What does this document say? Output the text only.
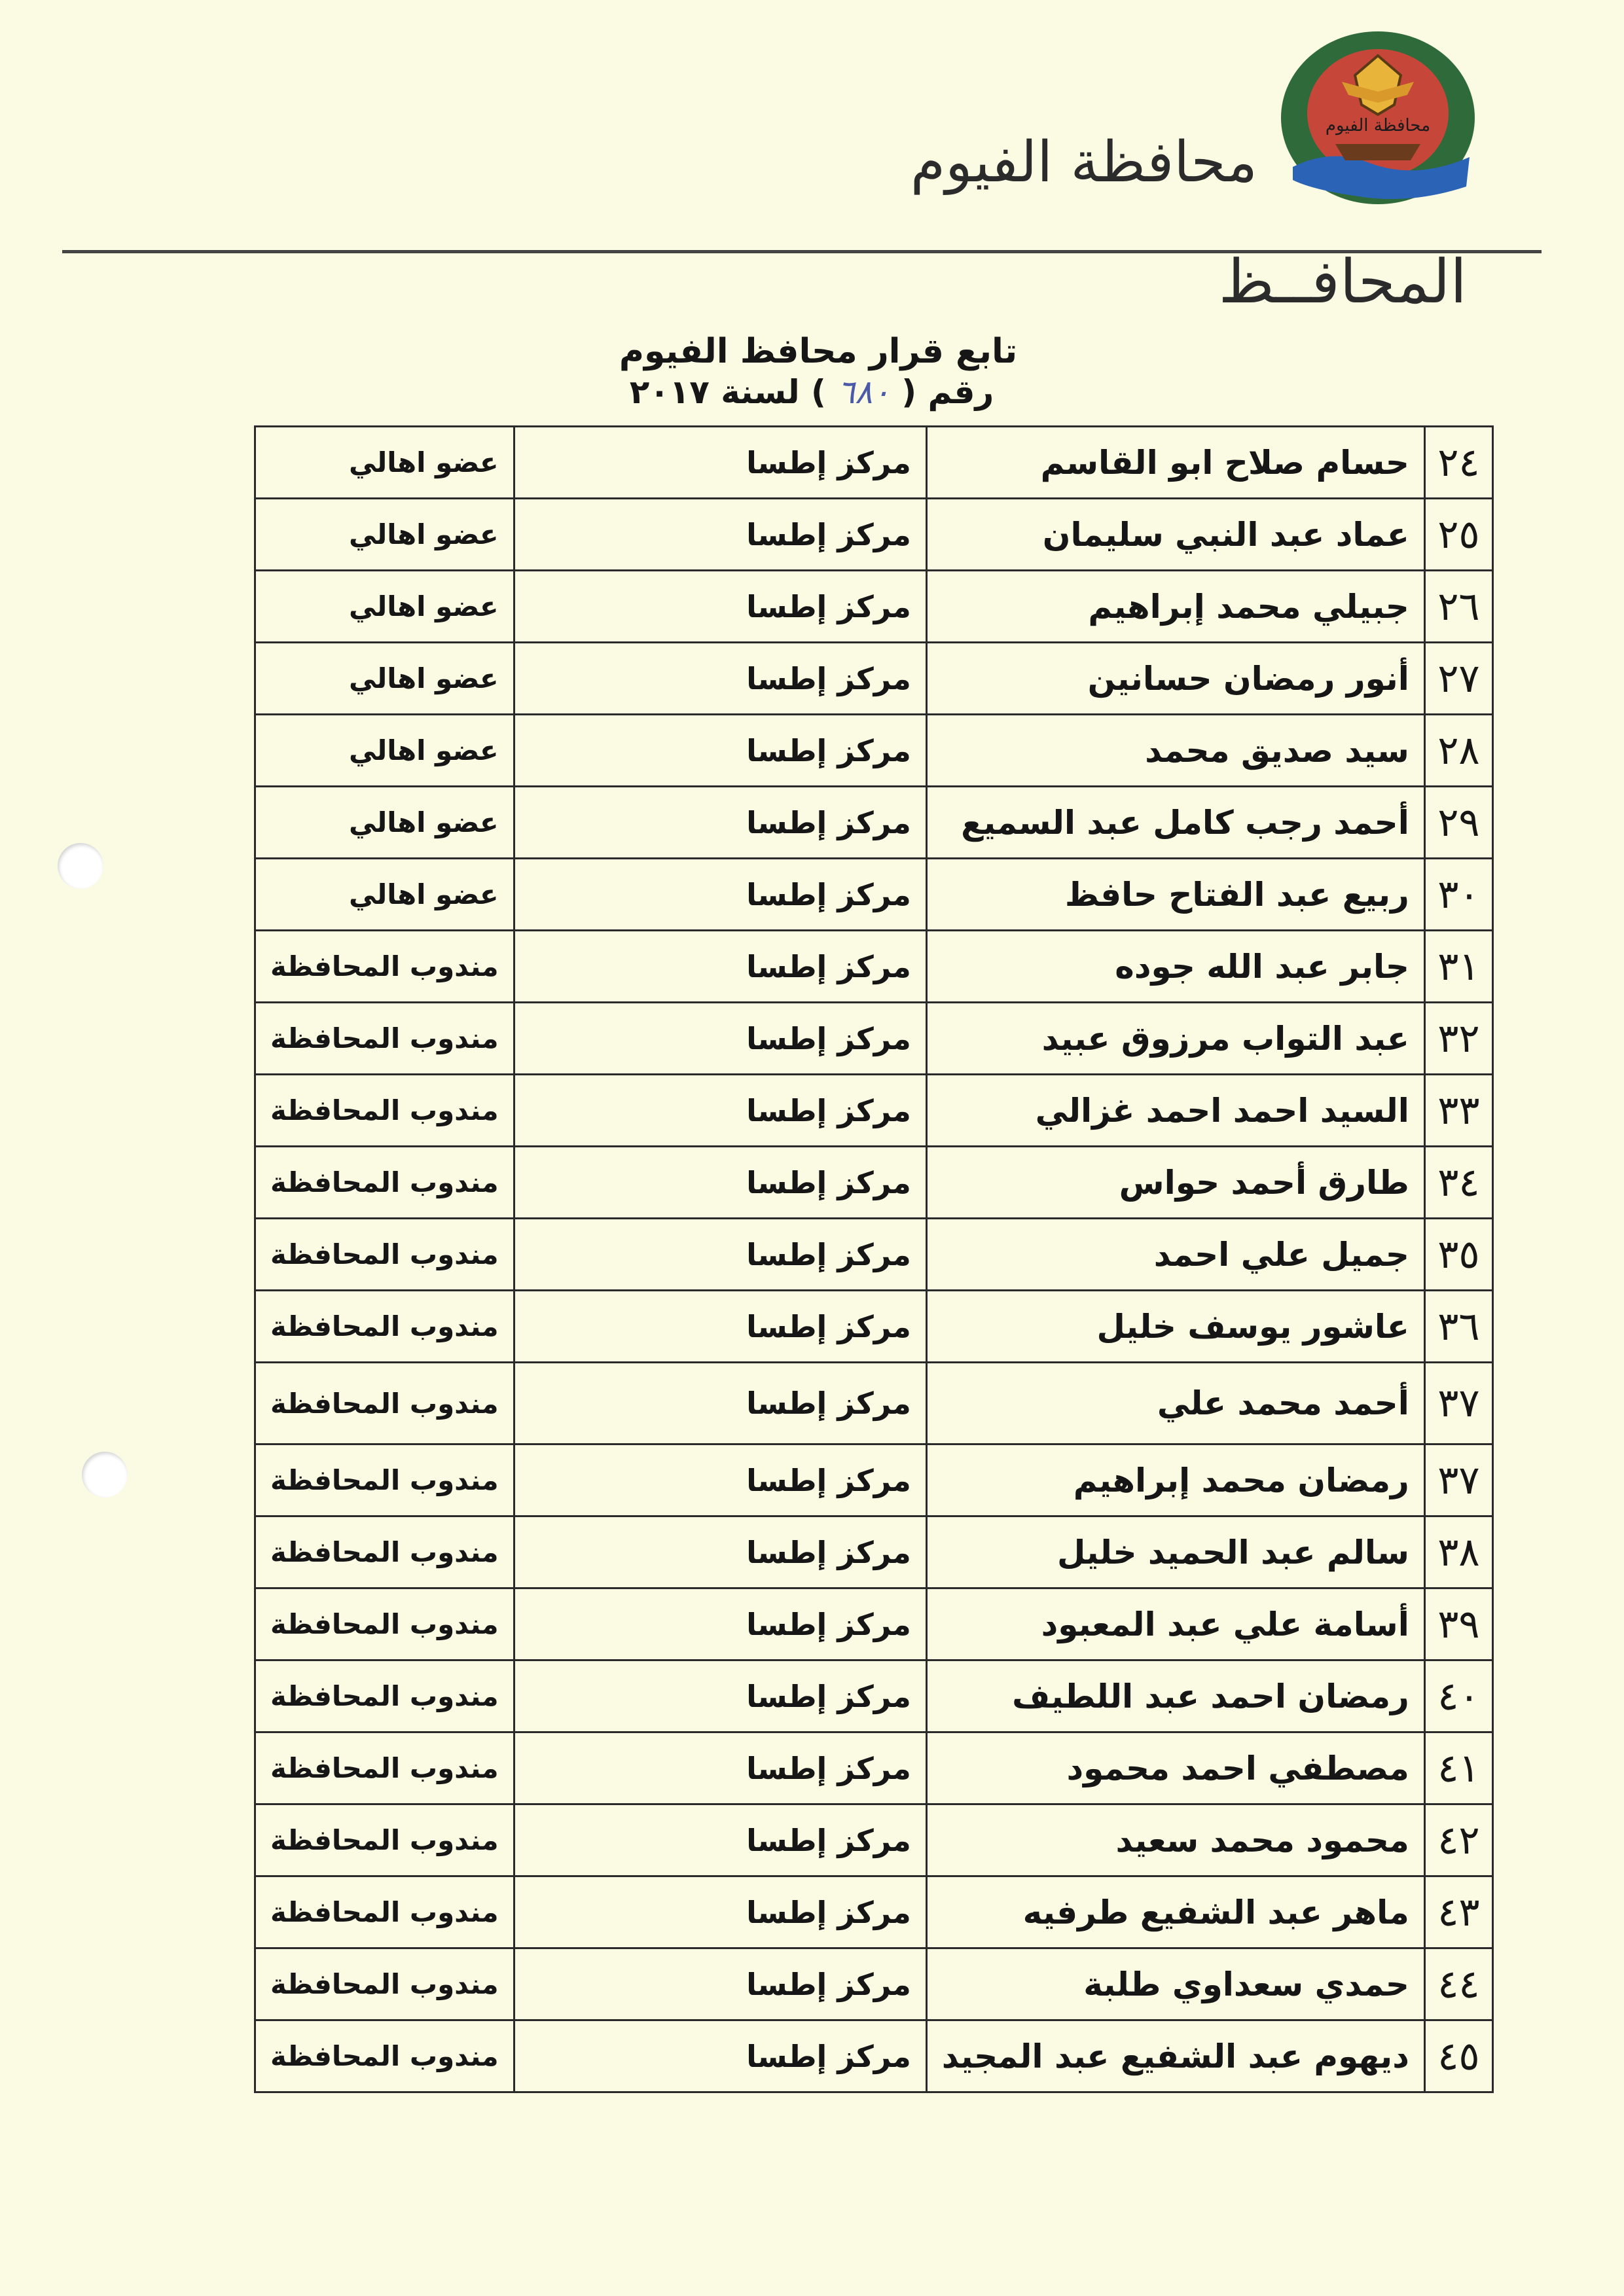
محافظة الفيوم
محافظة الفيوم
المحافــظ
تابع قرار محافظ الفيوم
رقم ( ٦٨٠ ) لسنة ٢٠١٧
٢٤	حسام صلاح ابو القاسم	مركز إطسا	عضو اهالي
٢٥	عماد عبد النبي سليمان	مركز إطسا	عضو اهالي
٢٦	جبيلي محمد إبراهيم	مركز إطسا	عضو اهالي
٢٧	أنور رمضان حسانين	مركز إطسا	عضو اهالي
٢٨	سيد صديق محمد	مركز إطسا	عضو اهالي
٢٩	أحمد رجب كامل عبد السميع	مركز إطسا	عضو اهالي
٣٠	ربيع عبد الفتاح حافظ	مركز إطسا	عضو اهالي
٣١	جابر عبد الله جوده	مركز إطسا	مندوب المحافظة
٣٢	عبد التواب مرزوق عبيد	مركز إطسا	مندوب المحافظة
٣٣	السيد احمد احمد غزالي	مركز إطسا	مندوب المحافظة
٣٤	طارق أحمد حواس	مركز إطسا	مندوب المحافظة
٣٥	جميل علي احمد	مركز إطسا	مندوب المحافظة
٣٦	عاشور يوسف خليل	مركز إطسا	مندوب المحافظة
٣٧	أحمد محمد علي	مركز إطسا	مندوب المحافظة
٣٧	رمضان محمد إبراهيم	مركز إطسا	مندوب المحافظة
٣٨	سالم عبد الحميد خليل	مركز إطسا	مندوب المحافظة
٣٩	أسامة علي عبد المعبود	مركز إطسا	مندوب المحافظة
٤٠	رمضان احمد عبد اللطيف	مركز إطسا	مندوب المحافظة
٤١	مصطفي احمد محمود	مركز إطسا	مندوب المحافظة
٤٢	محمود محمد سعيد	مركز إطسا	مندوب المحافظة
٤٣	ماهر عبد الشفيع طرفيه	مركز إطسا	مندوب المحافظة
٤٤	حمدي سعداوي طلبة	مركز إطسا	مندوب المحافظة
٤٥	ديهوم عبد الشفيع عبد المجيد	مركز إطسا	مندوب المحافظة
